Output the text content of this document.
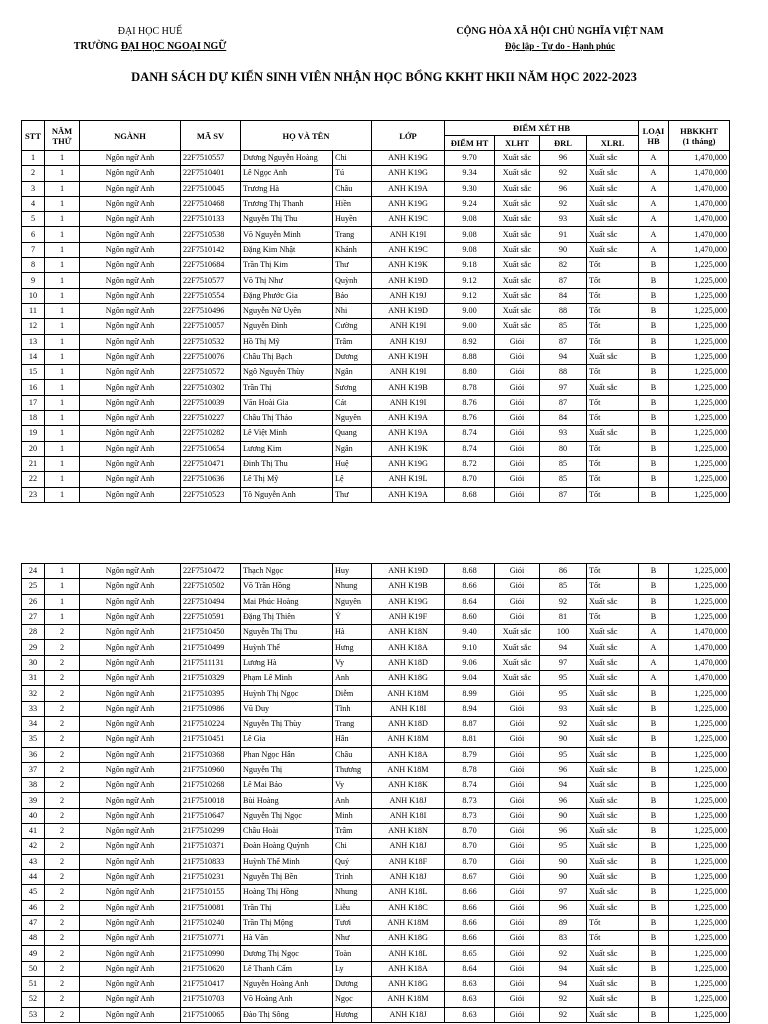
ĐẠI HỌC HUẾ
TRƯỜNG ĐẠI HỌC NGOẠI NGỮ
CỘNG HÒA XÃ HỘI CHỦ NGHĨA VIỆT NAM
Độc lập - Tự do - Hạnh phúc
DANH SÁCH DỰ KIẾN SINH VIÊN NHẬN HỌC BỔNG KKHT HKII NĂM HỌC 2022-2023
STT	NĂM THỨ	NGÀNH	MÃ SV	HỌ VÀ TÊN		LỚP	ĐIỂM XÉT HB				LOẠI HB	HBKKHT
(1 tháng)

							ĐIỂM HT	XLHT	ĐRL	XLRL		
1	1	Ngôn ngữ Anh	22F7510557	Dương Nguyễn Hoàng	Chi	ANH K19G	9.70	Xuất sắc	96	Xuất sắc	A	1,470,000
2	1	Ngôn ngữ Anh	22F7510401	Lê Ngọc Anh	Tú	ANH K19G	9.34	Xuất sắc	92	Xuất sắc	A	1,470,000
3	1	Ngôn ngữ Anh	22F7510045	Trương Hà	Châu	ANH K19A	9.30	Xuất sắc	96	Xuất sắc	A	1,470,000
4	1	Ngôn ngữ Anh	22F7510468	Trương Thị Thanh	Hiền	ANH K19G	9.24	Xuất sắc	92	Xuất sắc	A	1,470,000
5	1	Ngôn ngữ Anh	22F7510133	Nguyễn Thị Thu	Huyền	ANH K19C	9.08	Xuất sắc	93	Xuất sắc	A	1,470,000
6	1	Ngôn ngữ Anh	22F7510538	Võ Nguyễn Minh	Trang	ANH K19I	9.08	Xuất sắc	91	Xuất sắc	A	1,470,000
7	1	Ngôn ngữ Anh	22F7510142	Đặng Kim Nhật	Khánh	ANH K19C	9.08	Xuất sắc	90	Xuất sắc	A	1,470,000
8	1	Ngôn ngữ Anh	22F7510684	Trần Thị Kim	Thư	ANH K19K	9.18	Xuất sắc	82	Tốt	B	1,225,000
9	1	Ngôn ngữ Anh	22F7510577	Võ Thị Như	Quỳnh	ANH K19D	9.12	Xuất sắc	87	Tốt	B	1,225,000
10	1	Ngôn ngữ Anh	22F7510554	Đặng Phước Gia	Bảo	ANH K19J	9.12	Xuất sắc	84	Tốt	B	1,225,000
11	1	Ngôn ngữ Anh	22F7510496	Nguyễn Nữ Uyên	Nhi	ANH K19D	9.00	Xuất sắc	88	Tốt	B	1,225,000
12	1	Ngôn ngữ Anh	22F7510057	Nguyễn Đình	Cường	ANH K19I	9.00	Xuất sắc	85	Tốt	B	1,225,000
13	1	Ngôn ngữ Anh	22F7510532	Hồ Thị Mỹ	Trâm	ANH K19J	8.92	Giỏi	87	Tốt	B	1,225,000
14	1	Ngôn ngữ Anh	22F7510076	Châu Thị Bạch	Dương	ANH K19H	8.88	Giỏi	94	Xuất sắc	B	1,225,000
15	1	Ngôn ngữ Anh	22F7510572	Ngô Nguyễn Thùy	Ngân	ANH K19I	8.80	Giỏi	88	Tốt	B	1,225,000
16	1	Ngôn ngữ Anh	22F7510302	Trần Thị	Sương	ANH K19B	8.78	Giỏi	97	Xuất sắc	B	1,225,000
17	1	Ngôn ngữ Anh	22F7510039	Văn Hoài Gia	Cát	ANH K19I	8.76	Giỏi	87	Tốt	B	1,225,000
18	1	Ngôn ngữ Anh	22F7510227	Châu Thị Thảo	Nguyên	ANH K19A	8.76	Giỏi	84	Tốt	B	1,225,000
19	1	Ngôn ngữ Anh	22F7510282	Lê Việt Minh	Quang	ANH K19A	8.74	Giỏi	93	Xuất sắc	B	1,225,000
20	1	Ngôn ngữ Anh	22F7510654	Lương Kim	Ngân	ANH K19K	8.74	Giỏi	80	Tốt	B	1,225,000
21	1	Ngôn ngữ Anh	22F7510471	Đinh Thị Thu	Huệ	ANH K19G	8.72	Giỏi	85	Tốt	B	1,225,000
22	1	Ngôn ngữ Anh	22F7510636	Lê Thị Mỹ	Lệ	ANH K19L	8.70	Giỏi	85	Tốt	B	1,225,000
23	1	Ngôn ngữ Anh	22F7510523	Tô Nguyễn Anh	Thư	ANH K19A	8.68	Giỏi	87	Tốt	B	1,225,000
24	1	Ngôn ngữ Anh	22F7510472	Thạch Ngọc	Huy	ANH K19D	8.68	Giỏi	86	Tốt	B	1,225,000
25	1	Ngôn ngữ Anh	22F7510502	Võ Trần Hồng	Nhung	ANH K19B	8.66	Giỏi	85	Tốt	B	1,225,000
26	1	Ngôn ngữ Anh	22F7510494	Mai Phúc Hoàng	Nguyên	ANH K19G	8.64	Giỏi	92	Xuất sắc	B	1,225,000
27	1	Ngôn ngữ Anh	22F7510591	Đặng Thị Thiên	Ý	ANH K19F	8.60	Giỏi	81	Tốt	B	1,225,000
28	2	Ngôn ngữ Anh	21F7510450	Nguyễn Thị Thu	Hà	ANH K18N	9.40	Xuất sắc	100	Xuất sắc	A	1,470,000
29	2	Ngôn ngữ Anh	21F7510499	Huỳnh Thế	Hưng	ANH K18A	9.10	Xuất sắc	94	Xuất sắc	A	1,470,000
30	2	Ngôn ngữ Anh	21F7511131	Lương Hà	Vy	ANH K18D	9.06	Xuất sắc	97	Xuất sắc	A	1,470,000
31	2	Ngôn ngữ Anh	21F7510329	Phạm Lê Minh	Anh	ANH K18G	9.04	Xuất sắc	95	Xuất sắc	A	1,470,000
32	2	Ngôn ngữ Anh	21F7510395	Huỳnh Thị Ngọc	Diễm	ANH K18M	8.99	Giỏi	95	Xuất sắc	B	1,225,000
33	2	Ngôn ngữ Anh	21F7510986	Vũ Duy	Tĩnh	ANH K18I	8.94	Giỏi	93	Xuất sắc	B	1,225,000
34	2	Ngôn ngữ Anh	21F7510224	Nguyễn Thị Thùy	Trang	ANH K18D	8.87	Giỏi	92	Xuất sắc	B	1,225,000
35	2	Ngôn ngữ Anh	21F7510451	Lê Gia	Hân	ANH K18M	8.81	Giỏi	90	Xuất sắc	B	1,225,000
36	2	Ngôn ngữ Anh	21F7510368	Phan Ngọc Hân	Châu	ANH K18A	8.79	Giỏi	95	Xuất sắc	B	1,225,000
37	2	Ngôn ngữ Anh	21F7510960	Nguyễn Thị	Thương	ANH K18M	8.78	Giỏi	96	Xuất sắc	B	1,225,000
38	2	Ngôn ngữ Anh	21F7510268	Lê Mai Bảo	Vy	ANH K18K	8.74	Giỏi	94	Xuất sắc	B	1,225,000
39	2	Ngôn ngữ Anh	21F7510018	Bùi Hoàng	Anh	ANH K18J	8.73	Giỏi	96	Xuất sắc	B	1,225,000
40	2	Ngôn ngữ Anh	21F7510647	Nguyễn Thị Ngọc	Minh	ANH K18I	8.73	Giỏi	90	Xuất sắc	B	1,225,000
41	2	Ngôn ngữ Anh	21F7510299	Châu Hoài	Trâm	ANH K18N	8.70	Giỏi	96	Xuất sắc	B	1,225,000
42	2	Ngôn ngữ Anh	21F7510371	Đoàn Hoàng Quỳnh	Chi	ANH K18J	8.70	Giỏi	95	Xuất sắc	B	1,225,000
43	2	Ngôn ngữ Anh	21F7510833	Huỳnh Thế Minh	Quý	ANH K18F	8.70	Giỏi	90	Xuất sắc	B	1,225,000
44	2	Ngôn ngữ Anh	21F7510231	Nguyễn Thị Bền	Trinh	ANH K18J	8.67	Giỏi	90	Xuất sắc	B	1,225,000
45	2	Ngôn ngữ Anh	21F7510155	Hoàng Thị Hồng	Nhung	ANH K18L	8.66	Giỏi	97	Xuất sắc	B	1,225,000
46	2	Ngôn ngữ Anh	21F7510081	Trần Thị	Liễu	ANH K18C	8.66	Giỏi	96	Xuất sắc	B	1,225,000
47	2	Ngôn ngữ Anh	21F7510240	Trần Thị Mộng	Tươi	ANH K18M	8.66	Giỏi	89	Tốt	B	1,225,000
48	2	Ngôn ngữ Anh	21F7510771	Hà Văn	Như	ANH K18G	8.66	Giỏi	83	Tốt	B	1,225,000
49	2	Ngôn ngữ Anh	21F7510990	Dương Thị Ngọc	Toàn	ANH K18L	8.65	Giỏi	92	Xuất sắc	B	1,225,000
50	2	Ngôn ngữ Anh	21F7510620	Lê Thanh Cẩm	Ly	ANH K18A	8.64	Giỏi	94	Xuất sắc	B	1,225,000
51	2	Ngôn ngữ Anh	21F7510417	Nguyễn Hoàng Anh	Dương	ANH K18G	8.63	Giỏi	94	Xuất sắc	B	1,225,000
52	2	Ngôn ngữ Anh	21F7510703	Võ Hoàng Anh	Ngọc	ANH K18M	8.63	Giỏi	92	Xuất sắc	B	1,225,000
53	2	Ngôn ngữ Anh	21F7510065	Đào Thị Sông	Hương	ANH K18J	8.63	Giỏi	92	Xuất sắc	B	1,225,000
